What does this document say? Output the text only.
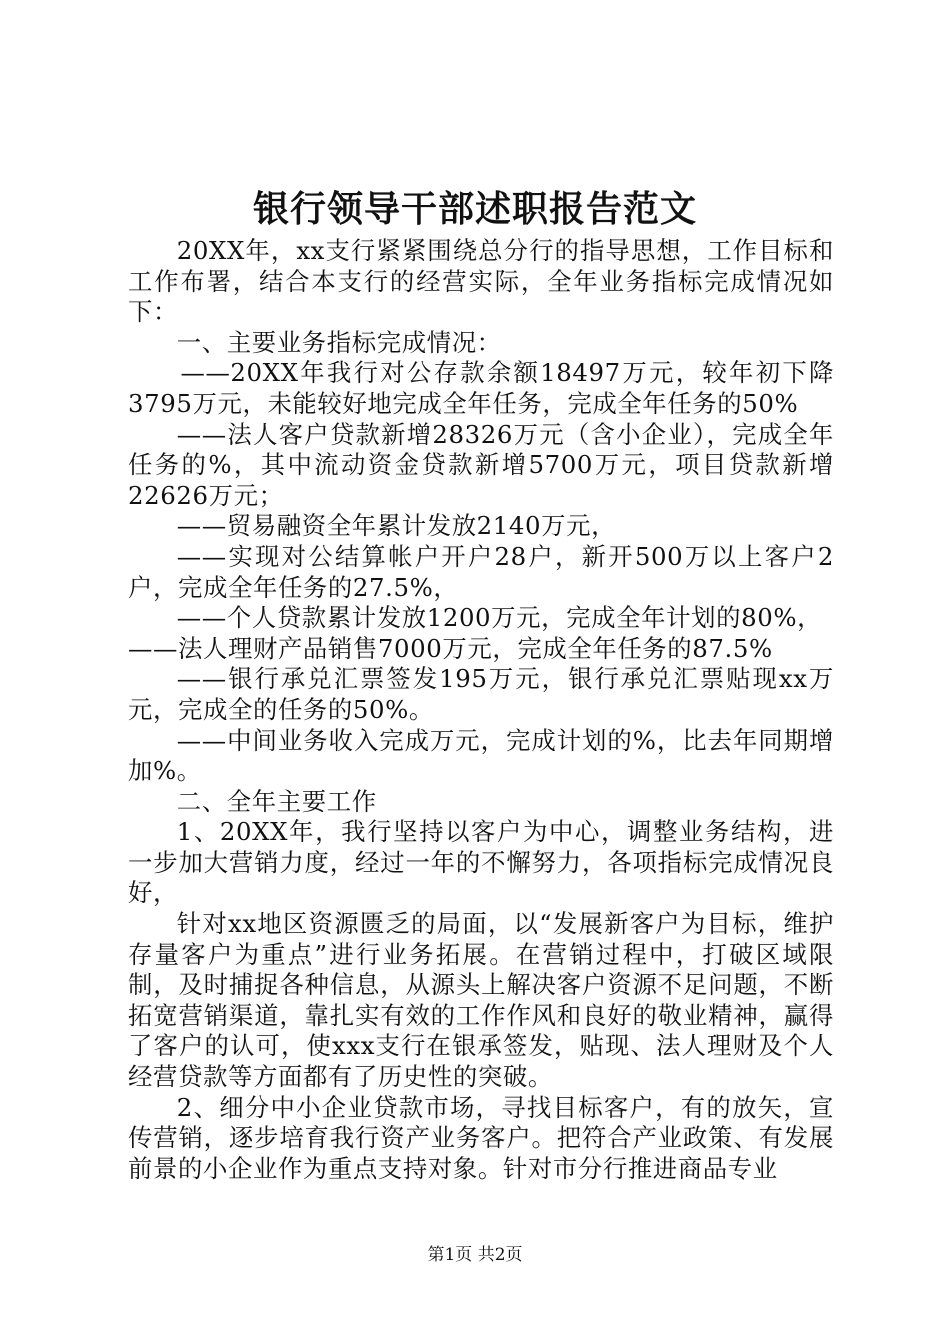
银行领导干部述职报告范文

20XX年，xx支行紧紧围绕总分行的指导思想，工作目标和工作布署，结合本支行的经营实际，全年业务指标完成情况如下：

一、主要业务指标完成情况：

——20XX年我行对公存款余额18497万元，较年初下降3795万元，未能较好地完成全年任务，完成全年任务的50%

——法人客户贷款新增28326万元（含小企业），完成全年任务的%，其中流动资金贷款新增5700万元，项目贷款新增22626万元；

——贸易融资全年累计发放2140万元，

——实现对公结算帐户开户28户，新开500万以上客户2户，完成全年任务的27.5%，

——个人贷款累计发放1200万元，完成全年计划的80%，

——法人理财产品销售7000万元，完成全年任务的87.5%

——银行承兑汇票签发195万元，银行承兑汇票贴现xx万元，完成全的任务的50%。

——中间业务收入完成万元，完成计划的%，比去年同期增加%。

二、全年主要工作

1、20XX年，我行坚持以客户为中心，调整业务结构，进一步加大营销力度，经过一年的不懈努力，各项指标完成情况良好，

针对xx地区资源匮乏的局面，以“发展新客户为目标，维护存量客户为重点”进行业务拓展。在营销过程中，打破区域限制，及时捕捉各种信息，从源头上解决客户资源不足问题，不断拓宽营销渠道，靠扎实有效的工作作风和良好的敬业精神，赢得了客户的认可，使xxx支行在银承签发，贴现、法人理财及个人经营贷款等方面都有了历史性的突破。

2、细分中小企业贷款市场，寻找目标客户，有的放矢，宣传营销，逐步培育我行资产业务客户。把符合产业政策、有发展前景的小企业作为重点支持对象。针对市分行推进商品专业

第1页 共2页
